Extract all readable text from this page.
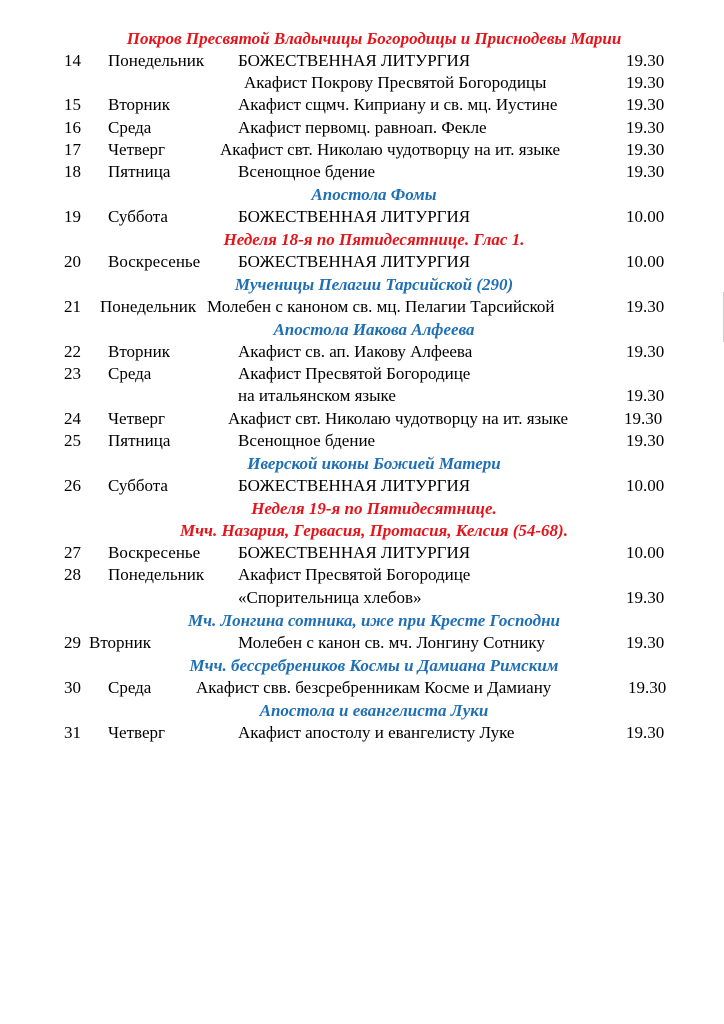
Покров Пресвятой Владычицы Богородицы и Приснодевы Марии
14 Понедельник БОЖЕСТВЕННАЯ ЛИТУРГИЯ	19.30
Акафист Покрову Пресвятой Богородицы	19.30
15 Вторник	Акафист сщмч. Киприану и св. мц. Иустине	19.30
16 Среда	Акафист первомц. равноап. Фекле	19.30
17 Четверг	Акафист свт. Николаю чудотворцу на ит. языке	19.30
18 Пятница	Всенощное бдение	19.30
Апостола Фомы
19 Суббота	БОЖЕСТВЕННАЯ ЛИТУРГИЯ	10.00
Неделя 18-я по Пятидесятнице. Глас 1.
20 Воскресенье БОЖЕСТВЕННАЯ ЛИТУРГИЯ	10.00
Мученицы Пелагии Тарсийской (290)
21 Понедельник Молебен с каноном св. мц. Пелагии Тарсийской	19.30
Апостола Иакова Алфеева
22 Вторник	Акафист св. ап. Иакову Алфеева	19.30
23 Среда	Акафист Пресвятой Богородице
на итальянском языке	19.30
24 Четверг	Акафист свт. Николаю чудотворцу на ит. языке	19.30
25 Пятница	Всенощное бдение	19.30
Иверской иконы Божией Матери
26 Суббота	БОЖЕСТВЕННАЯ ЛИТУРГИЯ	10.00
Неделя 19-я по Пятидесятнице.
Мчч. Назария, Гервасия, Протасия, Келсия (54-68).
27 Воскресенье БОЖЕСТВЕННАЯ ЛИТУРГИЯ	10.00
28 Понедельник Акафист Пресвятой Богородице
«Спорительница хлебов»	19.30
Мч. Лонгина сотника, иже при Кресте Господни
29 Вторник	Молебен с канон св. мч. Лонгину Сотнику	19.30
Мчч. бессребреников Космы и Дамиана Римским
30 Среда	Акафист свв. безсребренникам Косме и Дамиану	19.30
Апостола и евангелиста Луки
31 Четверг	Акафист апостолу и евангелисту Луке	19.30
